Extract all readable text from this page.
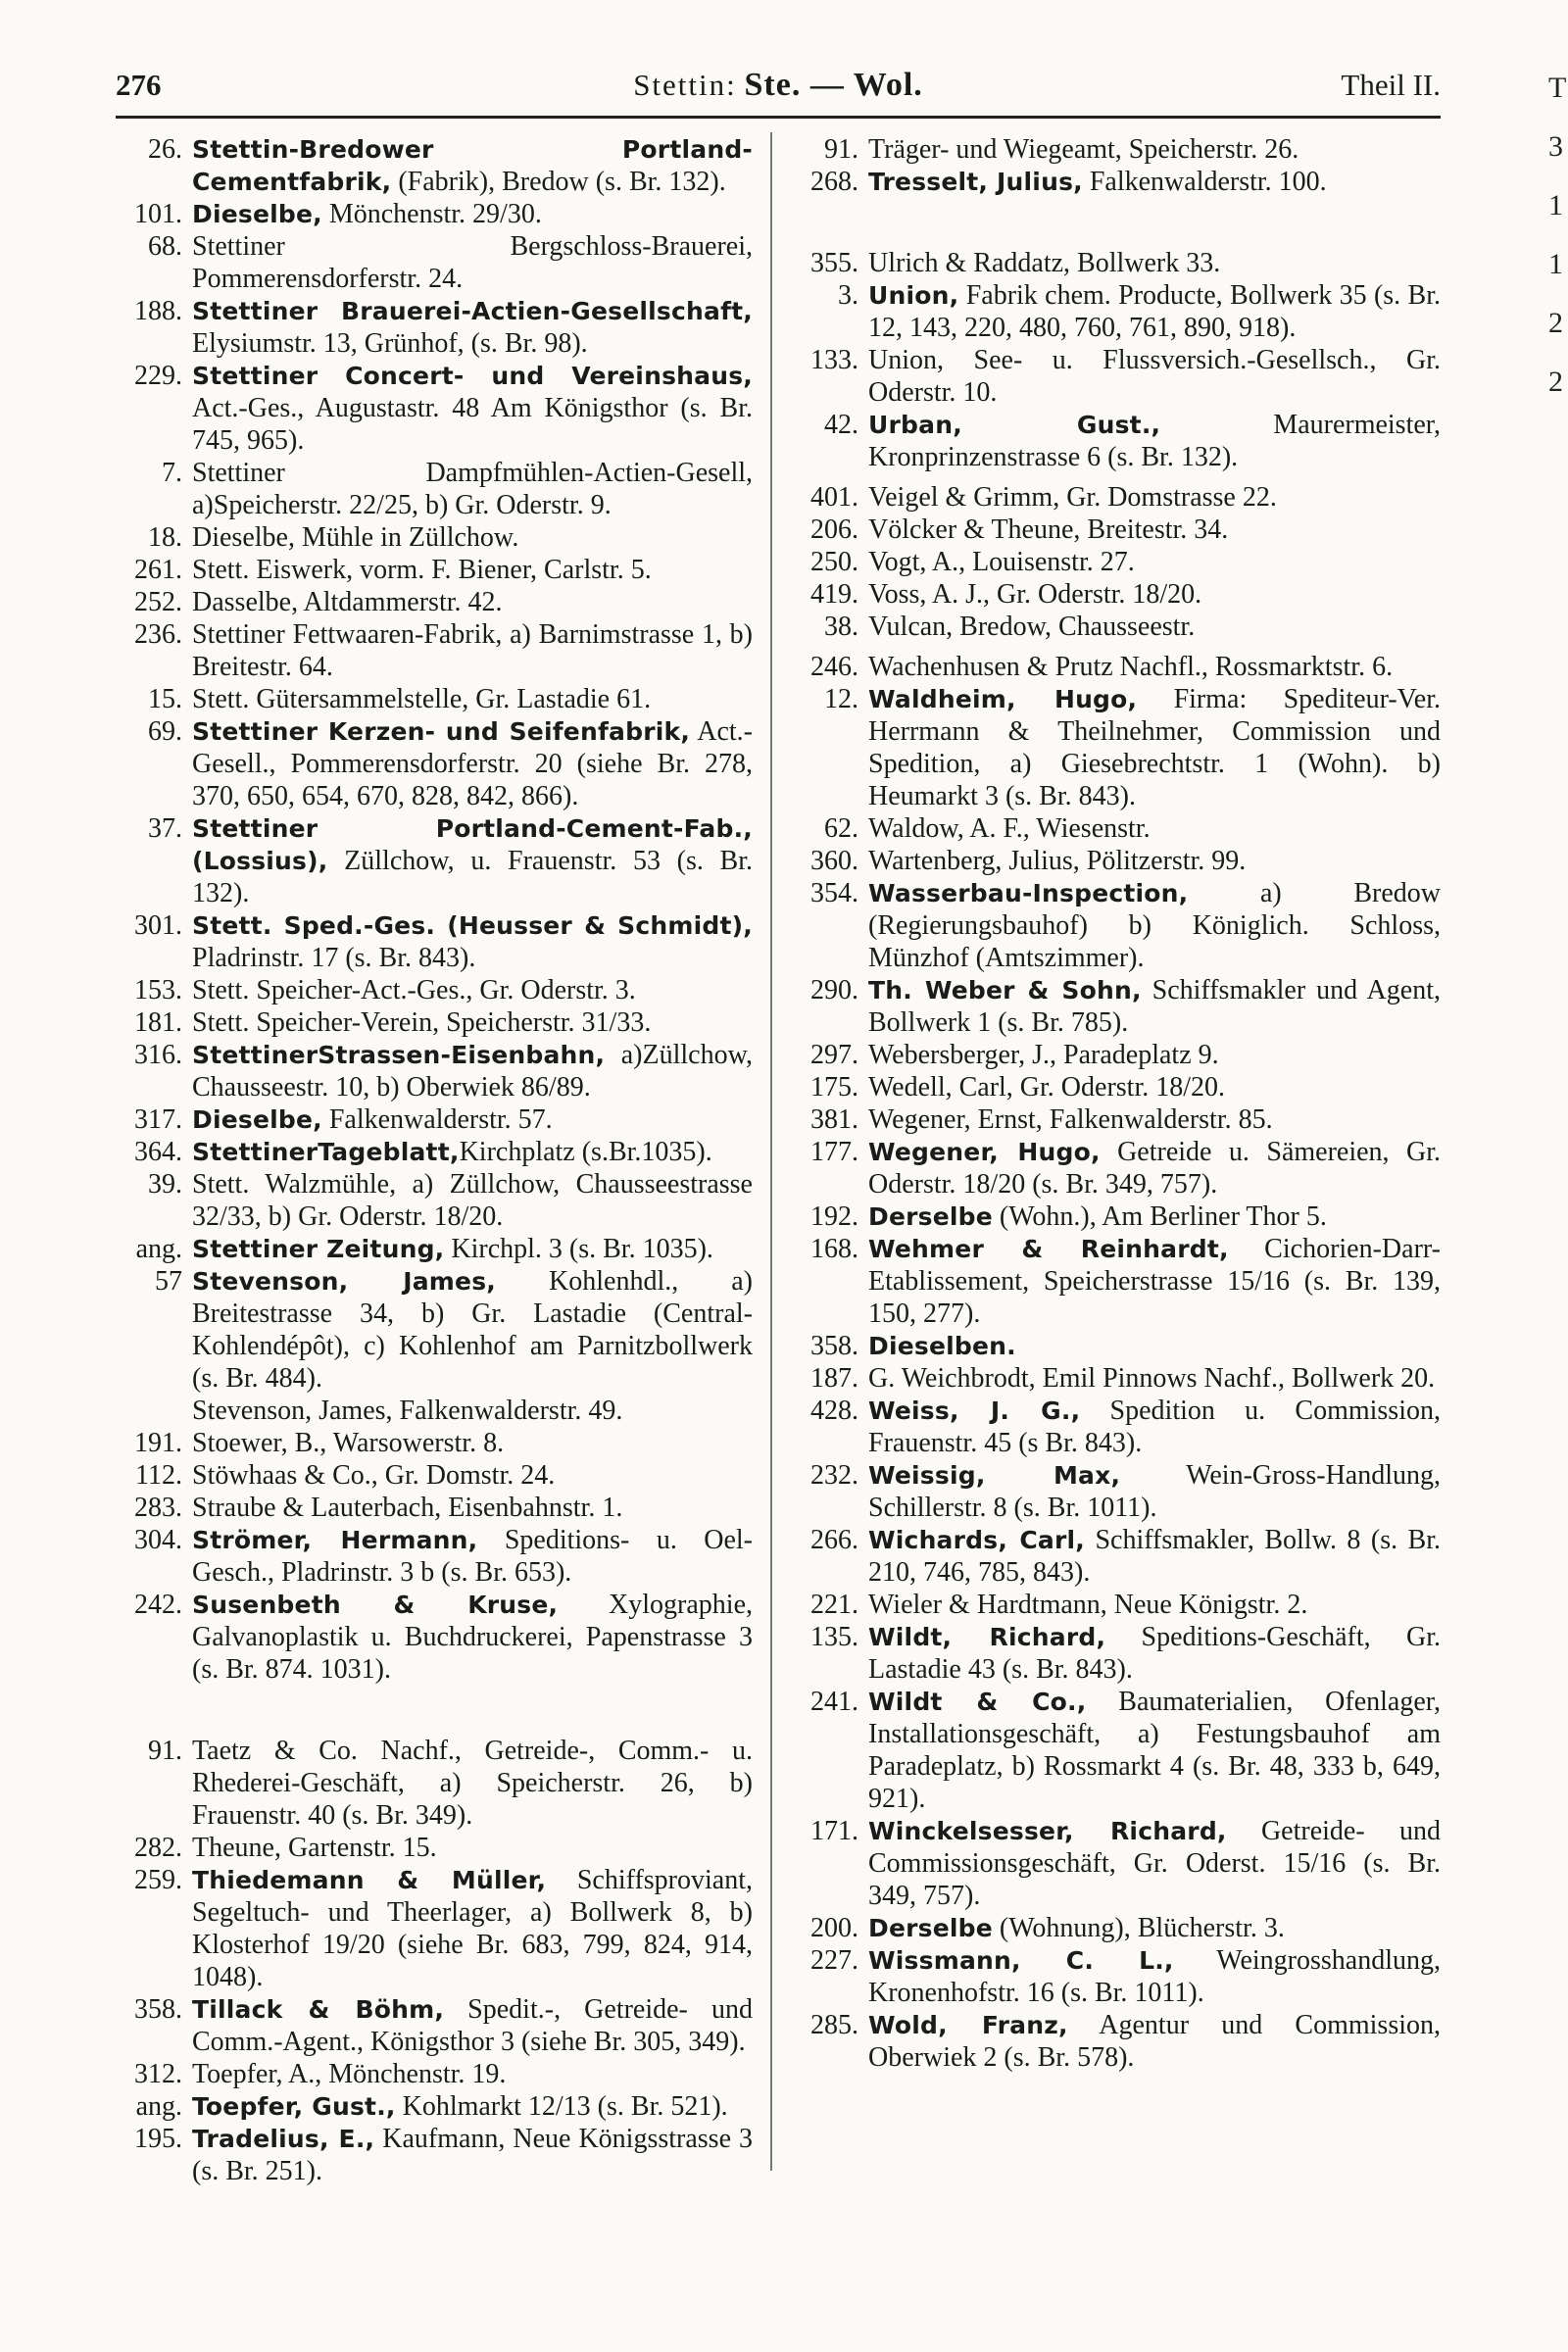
276	Stettin: Ste. — Wol.	Theil II.	T
3
1
1
2
2
26. Stettin-Bredower Portland-Cementfabrik, (Fabrik), Bredow (s. Br. 132).
101. Dieselbe, Mönchenstr. 29/30.
68. Stettiner Bergschloss-Brauerei, Pommerensdorferstr. 24.
188. Stettiner Brauerei-Actien-Gesellschaft, Elysiumstr. 13, Grünhof, (s. Br. 98).
229. Stettiner Concert- und Vereinshaus, Act.-Ges., Augustastr. 48 Am Königsthor (s. Br. 745, 965).
7. Stettiner Dampfmühlen-Actien-Gesell, a)Speicherstr. 22/25, b) Gr. Oderstr. 9.
18. Dieselbe, Mühle in Züllchow.
261. Stett. Eiswerk, vorm. F. Biener, Carlstr. 5.
252. Dasselbe, Altdammerstr. 42.
236. Stettiner Fettwaaren-Fabrik, a) Barnimstrasse 1, b) Breitestr. 64.
15. Stett. Gütersammelstelle, Gr. Lastadie 61.
69. Stettiner Kerzen- und Seifenfabrik, Act.-Gesell., Pommerensdorferstr. 20 (siehe Br. 278, 370, 650, 654, 670, 828, 842, 866).
37. Stettiner Portland-Cement-Fab.,(Lossius), Züllchow, u. Frauenstr. 53 (s. Br. 132).
301. Stett. Sped.-Ges. (Heusser & Schmidt), Pladrinstr. 17 (s. Br. 843).
153. Stett. Speicher-Act.-Ges., Gr. Oderstr. 3.
181. Stett. Speicher-Verein, Speicherstr. 31/33.
316. StettinerStrassen-Eisenbahn, a)Züllchow, Chausseestr. 10, b) Oberwiek 86/89.
317. Dieselbe, Falkenwalderstr. 57.
364. StettinerTageblatt,Kirchplatz (s.Br.1035).
39. Stett. Walzmühle, a) Züllchow, Chausseestrasse 32/33, b) Gr. Oderstr. 18/20.
ang. Stettiner Zeitung, Kirchpl. 3 (s. Br. 1035).
57 Stevenson, James, Kohlenhdl., a) Breitestrasse 34, b) Gr. Lastadie (Central-Kohlendépôt), c) Kohlenhof am Parnitzbollwerk (s. Br. 484).
Stevenson, James, Falkenwalderstr. 49.
191. Stoewer, B., Warsowerstr. 8.
112. Stöwhaas & Co., Gr. Domstr. 24.
283. Straube & Lauterbach, Eisenbahnstr. 1.
304. Strömer, Hermann, Speditions- u. Oel-Gesch., Pladrinstr. 3 b (s. Br. 653).
242. Susenbeth & Kruse, Xylographie, Galvanoplastik u. Buchdruckerei, Papenstrasse 3 (s. Br. 874. 1031).
91. Taetz & Co. Nachf., Getreide-, Comm.- u. Rhederei-Geschäft, a) Speicherstr. 26, b) Frauenstr. 40 (s. Br. 349).
282. Theune, Gartenstr. 15.
259. Thiedemann & Müller, Schiffsproviant, Segeltuch- und Theerlager, a) Bollwerk 8, b) Klosterhof 19/20 (siehe Br. 683, 799, 824, 914, 1048).
358. Tillack & Böhm, Spedit.-, Getreide- und Comm.-Agent., Königsthor 3 (siehe Br. 305, 349).
312. Toepfer, A., Mönchenstr. 19.
ang. Toepfer, Gust., Kohlmarkt 12/13 (s. Br. 521).
195. Tradelius, E., Kaufmann, Neue Königsstrasse 3 (s. Br. 251).
91. Träger- und Wiegeamt, Speicherstr. 26.
268. Tresselt, Julius, Falkenwalderstr. 100.
355. Ulrich & Raddatz, Bollwerk 33.
3. Union, Fabrik chem. Producte, Bollwerk 35 (s. Br. 12, 143, 220, 480, 760, 761, 890, 918).
133. Union, See- u. Flussversich.-Gesellsch., Gr. Oderstr. 10.
42. Urban, Gust., Maurermeister, Kronprinzenstrasse 6 (s. Br. 132).
401. Veigel & Grimm, Gr. Domstrasse 22.
206. Völcker & Theune, Breitestr. 34.
250. Vogt, A., Louisenstr. 27.
419. Voss, A. J., Gr. Oderstr. 18/20.
38. Vulcan, Bredow, Chausseestr.
246. Wachenhusen & Prutz Nachfl., Rossmarktstr. 6.
12. Waldheim, Hugo, Firma: Spediteur-Ver. Herrmann & Theilnehmer, Commission und Spedition, a) Giesebrechtstr. 1 (Wohn). b) Heumarkt 3 (s. Br. 843).
62. Waldow, A. F., Wiesenstr.
360. Wartenberg, Julius, Pölitzerstr. 99.
354. Wasserbau-Inspection, a) Bredow (Regierungsbauhof) b) Königlich. Schloss, Münzhof (Amtszimmer).
290. Th. Weber & Sohn, Schiffsmakler und Agent, Bollwerk 1 (s. Br. 785).
297. Webersberger, J., Paradeplatz 9.
175. Wedell, Carl, Gr. Oderstr. 18/20.
381. Wegener, Ernst, Falkenwalderstr. 85.
177. Wegener, Hugo, Getreide u. Sämereien, Gr. Oderstr. 18/20 (s. Br. 349, 757).
192. Derselbe (Wohn.), Am Berliner Thor 5.
168. Wehmer & Reinhardt, Cichorien-Darr-Etablissement, Speicherstrasse 15/16 (s. Br. 139, 150, 277).
358. Dieselben.
187. G. Weichbrodt, Emil Pinnows Nachf., Bollwerk 20.
428. Weiss, J. G., Spedition u. Commission, Frauenstr. 45 (s Br. 843).
232. Weissig, Max, Wein-Gross-Handlung, Schillerstr. 8 (s. Br. 1011).
266. Wichards, Carl, Schiffsmakler, Bollw. 8 (s. Br. 210, 746, 785, 843).
221. Wieler & Hardtmann, Neue Königstr. 2.
135. Wildt, Richard, Speditions-Geschäft, Gr. Lastadie 43 (s. Br. 843).
241. Wildt & Co., Baumaterialien, Ofenlager, Installationsgeschäft, a) Festungsbauhof am Paradeplatz, b) Rossmarkt 4 (s. Br. 48, 333 b, 649, 921).
171. Winckelsesser, Richard, Getreide- und Commissionsgeschäft, Gr. Oderst. 15/16 (s. Br. 349, 757).
200. Derselbe (Wohnung), Blücherstr. 3.
227. Wissmann, C. L., Weingrosshandlung, Kronenhofstr. 16 (s. Br. 1011).
285. Wold, Franz, Agentur und Commission, Oberwiek 2 (s. Br. 578).
